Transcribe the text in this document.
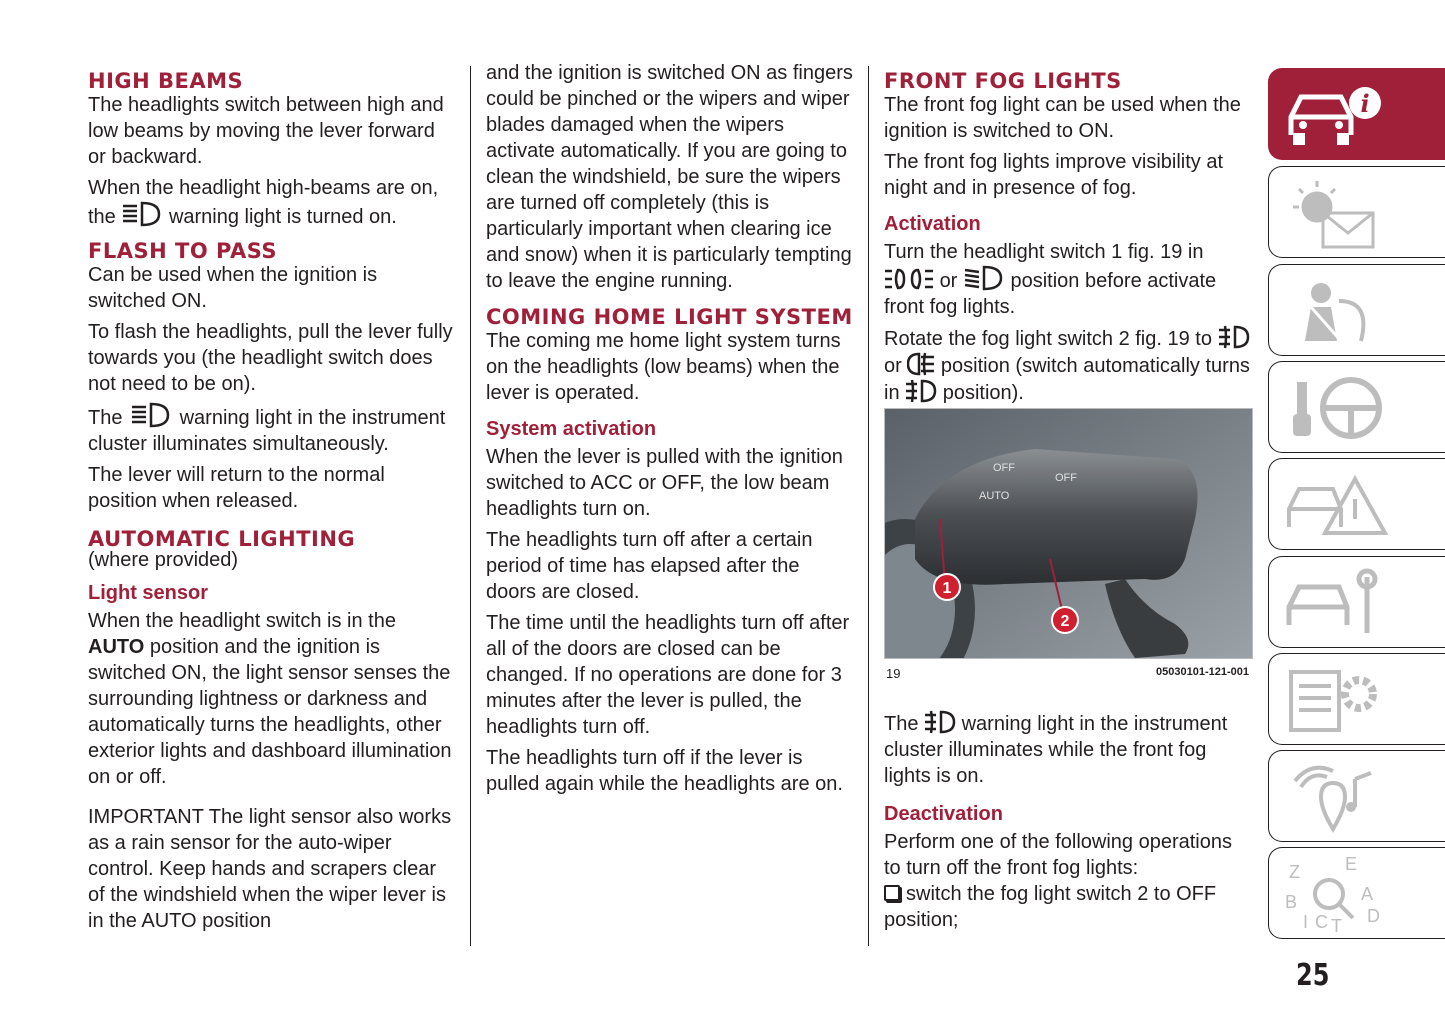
HIGH BEAMS

The headlights switch between high and low beams by moving the lever forward or backward.

When the headlight high-beams are on, the	warning light is turned on.

FLASH TO PASS

Can be used when the ignition is switched ON.

To flash the headlights, pull the lever fully towards you (the headlight switch does not need to be on).

The	warning light in the instrument cluster illuminates simultaneously.

The lever will return to the normal position when released.

AUTOMATIC LIGHTING

(where provided)

Light sensor

When the headlight switch is in the AUTO position and the ignition is switched ON, the light sensor senses the surrounding lightness or darkness and automatically turns the headlights, other exterior lights and dashboard illumination on or off.

IMPORTANT The light sensor also works as a rain sensor for the auto-wiper control. Keep hands and scrapers clear of the windshield when the wiper lever is in the AUTO position

and the ignition is switched ON as fingers could be pinched or the wipers and wiper blades damaged when the wipers activate automatically. If you are going to clean the windshield, be sure the wipers are turned off completely (this is particularly important when clearing ice and snow) when it is particularly tempting to leave the engine running.

COMING HOME LIGHT SYSTEM

The coming me home light system turns on the headlights (low beams) when the lever is operated.

System activation

When the lever is pulled with the ignition switched to ACC or OFF, the low beam headlights turn on.

The headlights turn off after a certain period of time has elapsed after the doors are closed.

The time until the headlights turn off after all of the doors are closed can be changed. If no operations are done for 3 minutes after the lever is pulled, the headlights turn off.

The headlights turn off if the lever is pulled again while the headlights are on.

FRONT FOG LIGHTS

The front fog light can be used when the ignition is switched to ON.

The front fog lights improve visibility at night and in presence of fog.

Activation

Turn the headlight switch 1 fig. 19 in
or	position before activate front fog lights.

Rotate the fog light switch 2 fig. 19 to
or position (switch automatically turns in position).

OFF
OFF
AUTO
1
2
19	05030101-121-001

The warning light in the instrument cluster illuminates while the front fog lights is on.

Deactivation

Perform one of the following operations to turn off the front fog lights:

switch the fog light switch 2 to OFF position;

i
Z	E
A
B
I C T D
25
